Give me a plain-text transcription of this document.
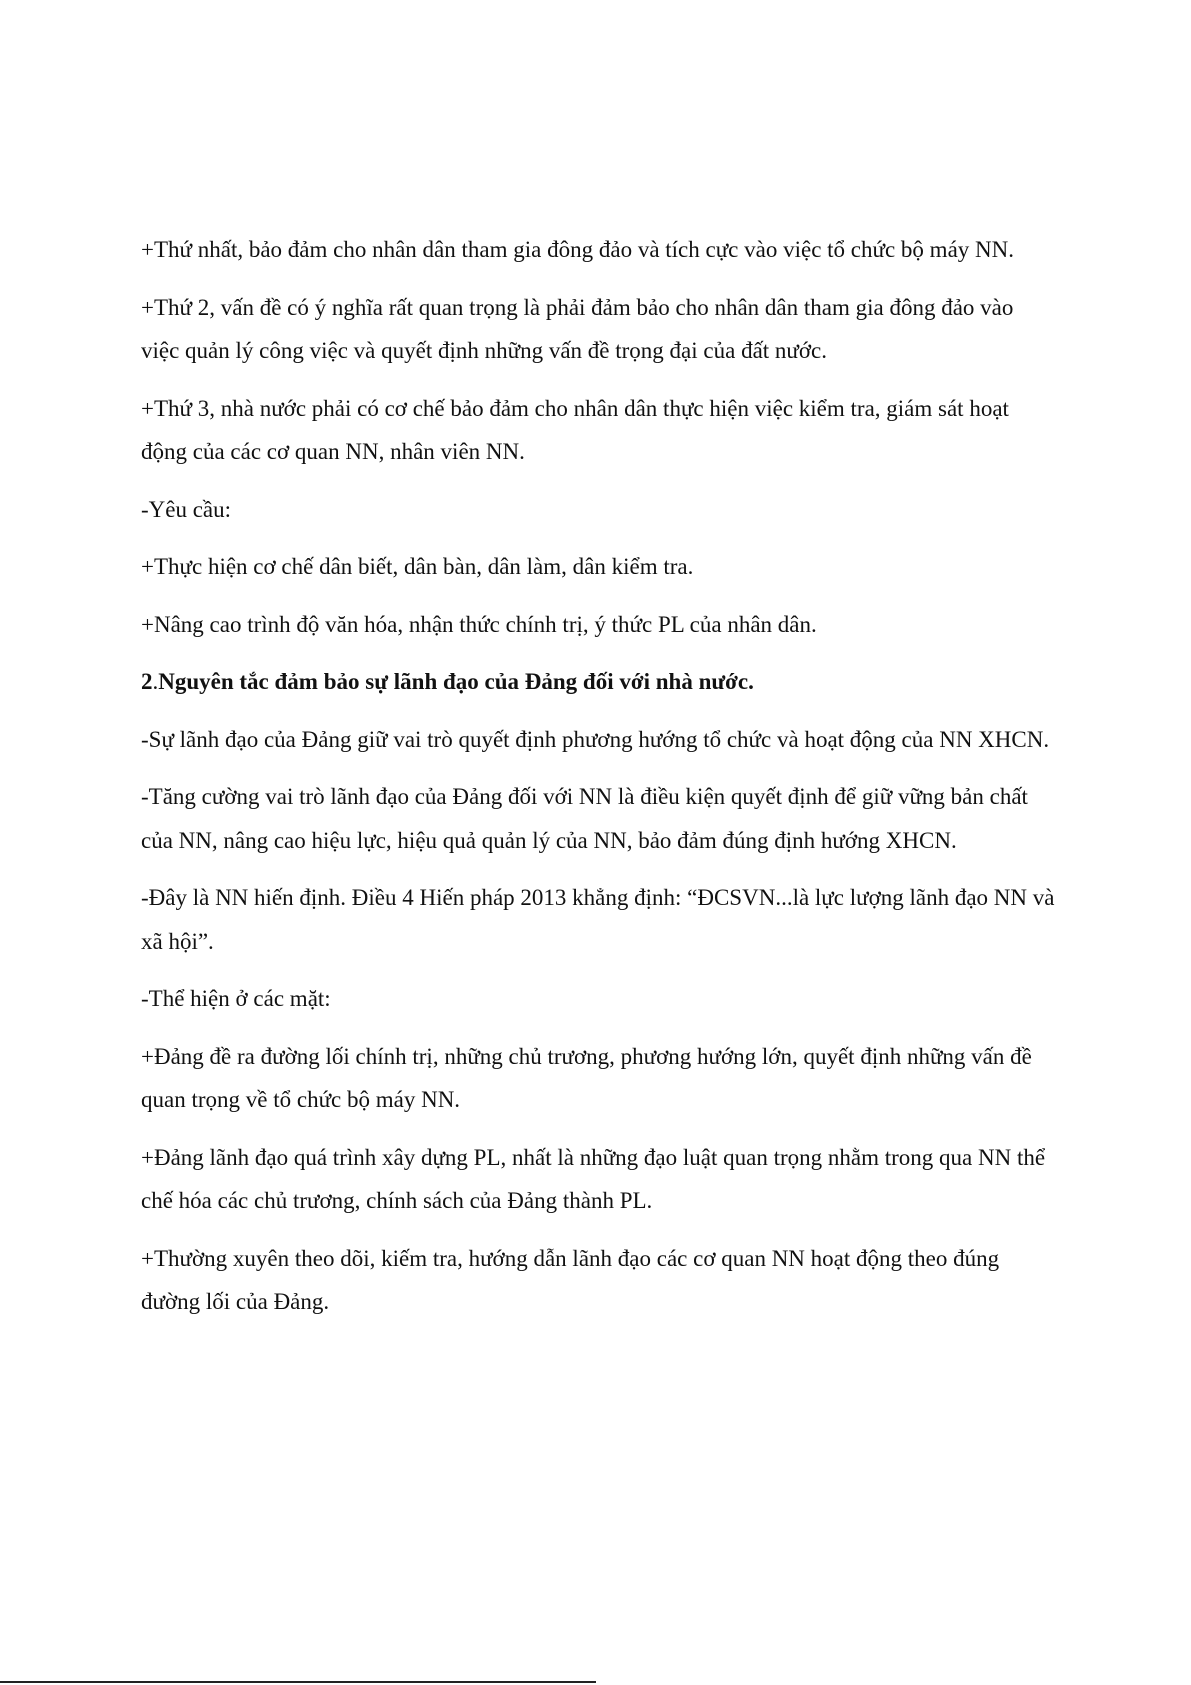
+Thứ nhất, bảo đảm cho nhân dân tham gia đông đảo và tích cực vào việc tổ chức bộ máy NN.

+Thứ 2, vấn đề có ý nghĩa rất quan trọng là phải đảm bảo cho nhân dân tham gia đông đảo vào việc quản lý công việc và quyết định những vấn đề trọng đại của đất nước.

+Thứ 3, nhà nước phải có cơ chế bảo đảm cho nhân dân thực hiện việc kiểm tra, giám sát hoạt động của các cơ quan NN, nhân viên NN.

-Yêu cầu:

+Thực hiện cơ chế dân biết, dân bàn, dân làm, dân kiểm tra.

+Nâng cao trình độ văn hóa, nhận thức chính trị, ý thức PL của nhân dân.

2.Nguyên tắc đảm bảo sự lãnh đạo của Đảng đối với nhà nước.

-Sự lãnh đạo của Đảng giữ vai trò quyết định phương hướng tổ chức và hoạt động của NN XHCN.

-Tăng cường vai trò lãnh đạo của Đảng đối với NN là điều kiện quyết định để giữ vững bản chất của NN, nâng cao hiệu lực, hiệu quả quản lý của NN, bảo đảm đúng định hướng XHCN.

-Đây là NN hiến định. Điều 4 Hiến pháp 2013 khẳng định: “ĐCSVN...là lực lượng lãnh đạo NN và xã hội”.

-Thể hiện ở các mặt:

+Đảng đề ra đường lối chính trị, những chủ trương, phương hướng lớn, quyết định những vấn đề quan trọng về tổ chức bộ máy NN.

+Đảng lãnh đạo quá trình xây dựng PL, nhất là những đạo luật quan trọng nhằm trong qua NN thể chế hóa các chủ trương, chính sách của Đảng thành PL.

+Thường xuyên theo dõi, kiếm tra, hướng dẫn lãnh đạo các cơ quan NN hoạt động theo đúng đường lối của Đảng.
